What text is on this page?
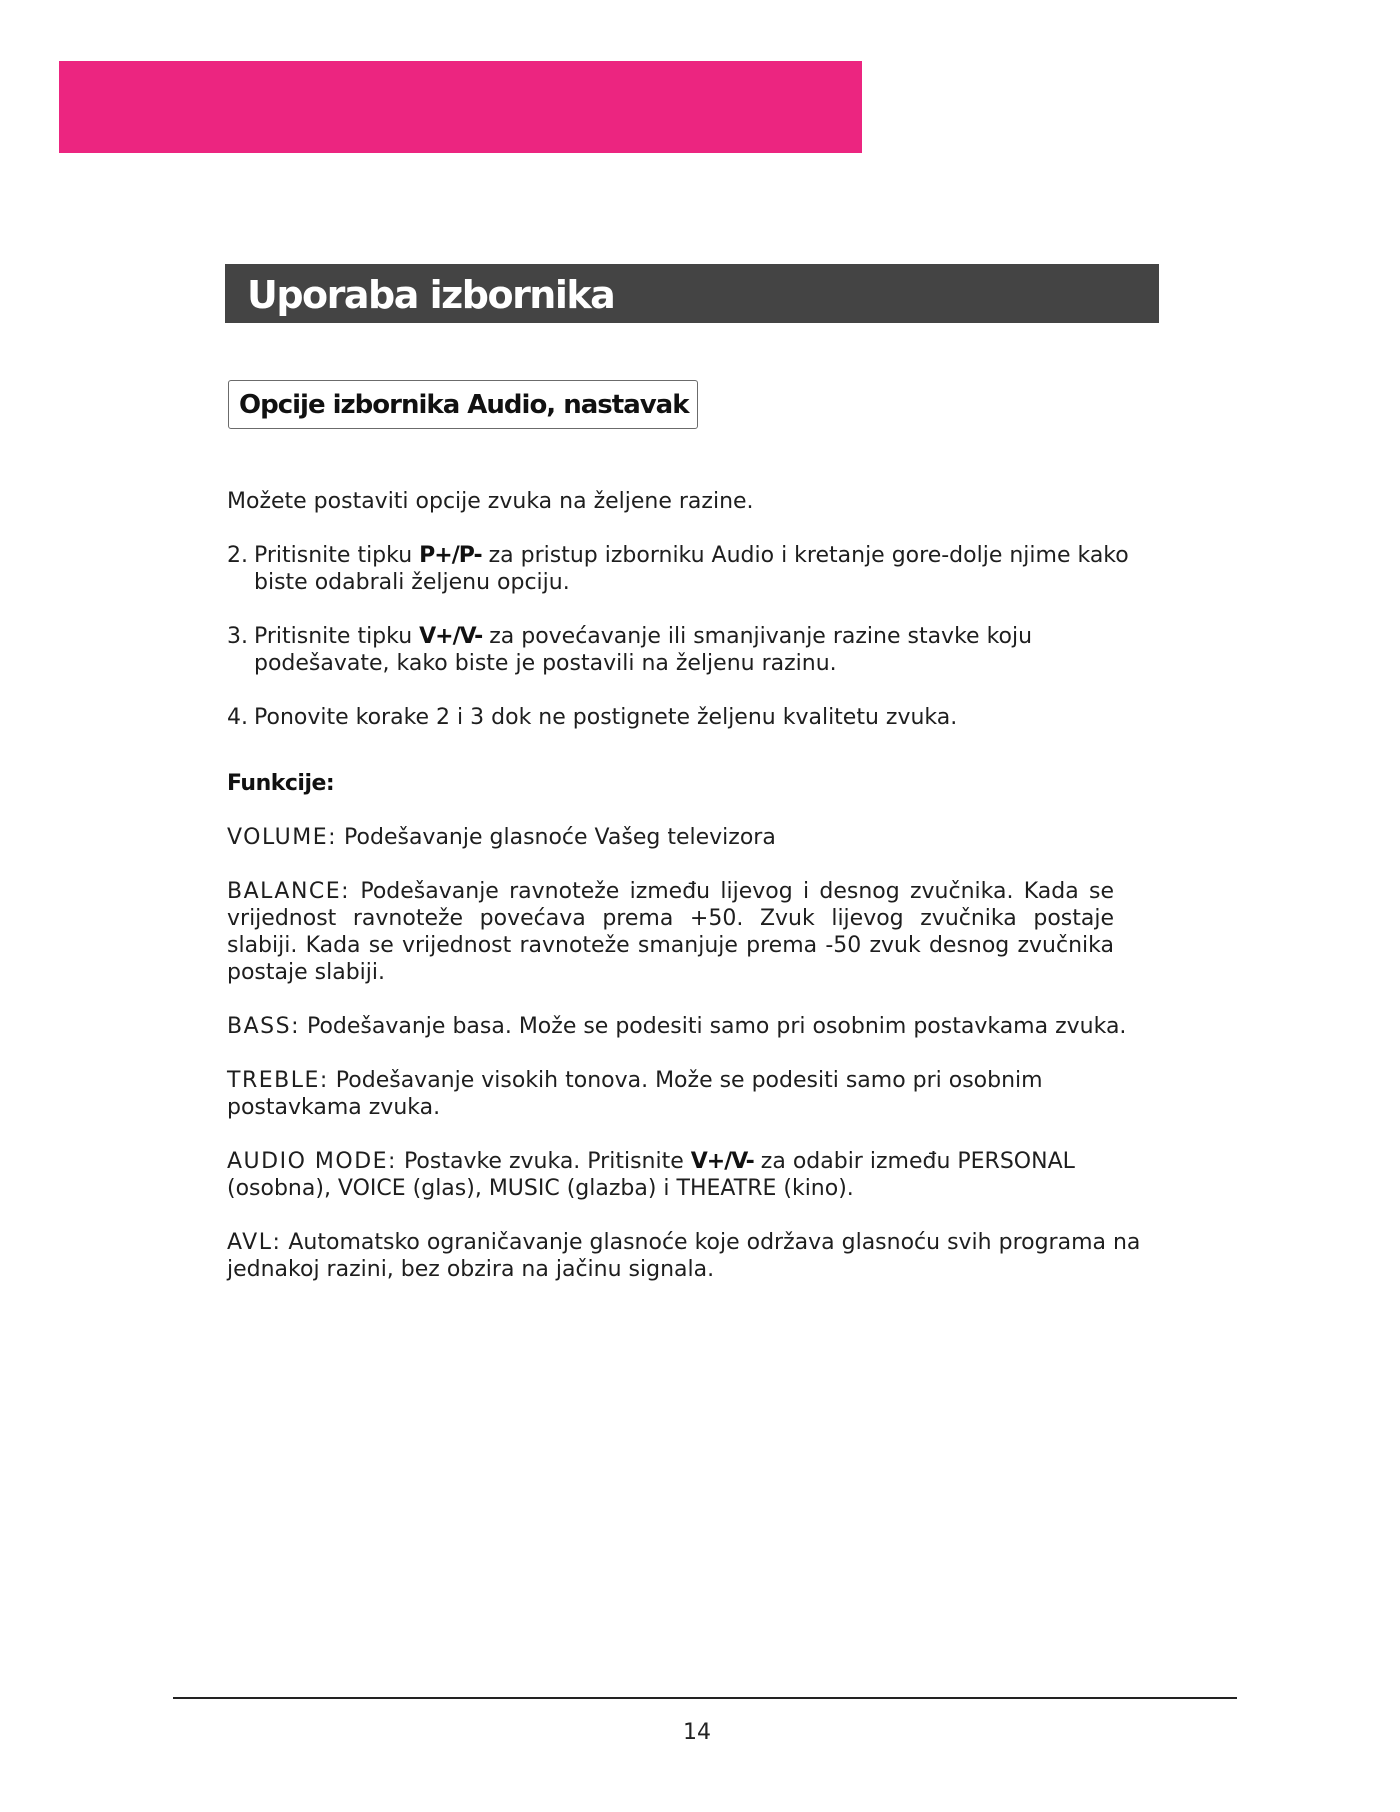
Uporaba izbornika
Opcije izbornika Audio, nastavak

Možete postaviti opcije zvuka na željene razine.

2. Pritisnite tipku P+/P- za pristup izborniku Audio i kretanje gore-dolje njime kako biste odabrali željenu opciju.

3. Pritisnite tipku V+/V- za povećavanje ili smanjivanje razine stavke koju podešavate, kako biste je postavili na željenu razinu.

4. Ponovite korake 2 i 3 dok ne postignete željenu kvalitetu zvuka.

Funkcije:

VOLUME: Podešavanje glasnoće Vašeg televizora

BALANCE: Podešavanje ravnoteže između lijevog i desnog zvučnika. Kada se vrijednost ravnoteže povećava prema +50. Zvuk lijevog zvučnika postaje slabiji. Kada se vrijednost ravnoteže smanjuje prema -50 zvuk desnog zvučnika postaje slabiji.

BASS: Podešavanje basa. Može se podesiti samo pri osobnim postavkama zvuka.

TREBLE: Podešavanje visokih tonova. Može se podesiti samo pri osobnim postavkama zvuka.

AUDIO MODE: Postavke zvuka. Pritisnite V+/V- za odabir između PERSONAL (osobna), VOICE (glas), MUSIC (glazba) i THEATRE (kino).

AVL: Automatsko ograničavanje glasnoće koje održava glasnoću svih programa na jednakoj razini, bez obzira na jačinu signala.

14
